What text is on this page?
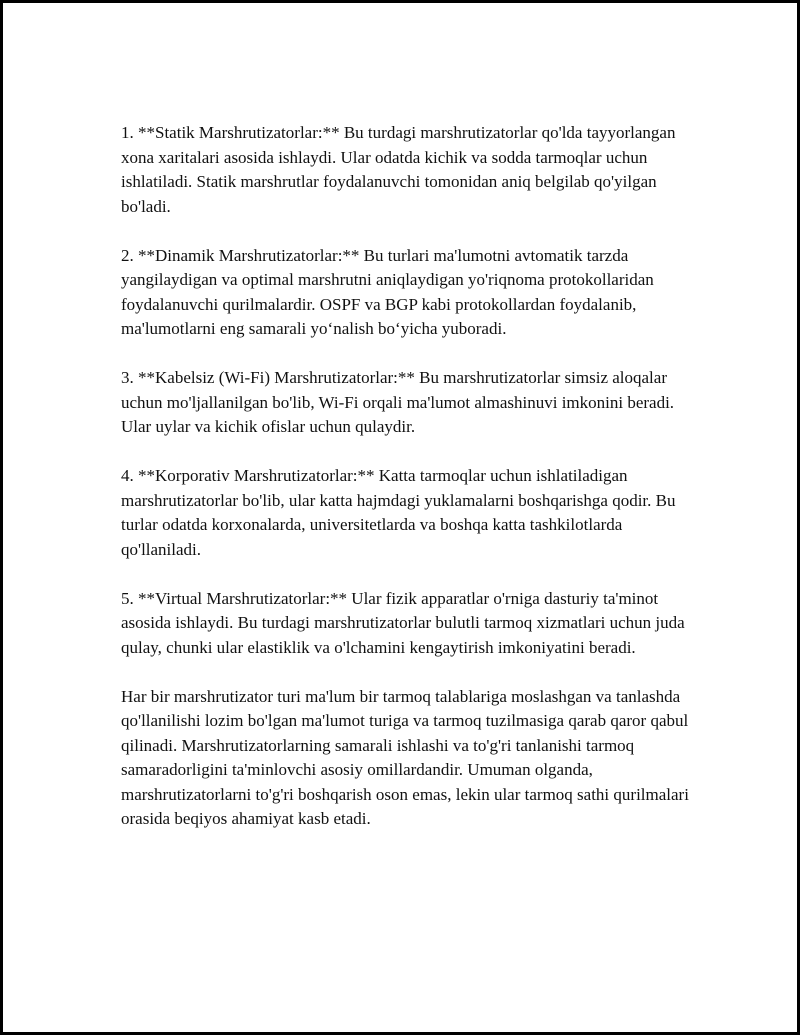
1. **Statik Marshrutizatorlar:** Bu turdagi marshrutizatorlar qo'lda tayyorlangan xona xaritalari asosida ishlaydi. Ular odatda kichik va sodda tarmoqlar uchun ishlatiladi. Statik marshrutlar foydalanuvchi tomonidan aniq belgilab qo'yilgan bo'ladi.

2. **Dinamik Marshrutizatorlar:** Bu turlari ma'lumotni avtomatik tarzda yangilaydigan va optimal marshrutni aniqlaydigan yo'riqnoma protokollaridan foydalanuvchi qurilmalardir. OSPF va BGP kabi protokollardan foydalanib, ma'lumotlarni eng samarali yo‘nalish bo‘yicha yuboradi.

3. **Kabelsiz (Wi-Fi) Marshrutizatorlar:** Bu marshrutizatorlar simsiz aloqalar uchun mo'ljallanilgan bo'lib, Wi-Fi orqali ma'lumot almashinuvi imkonini beradi. Ular uylar va kichik ofislar uchun qulaydir.

4. **Korporativ Marshrutizatorlar:** Katta tarmoqlar uchun ishlatiladigan marshrutizatorlar bo'lib, ular katta hajmdagi yuklamalarni boshqarishga qodir. Bu turlar odatda korxonalarda, universitetlarda va boshqa katta tashkilotlarda qo'llaniladi.

5. **Virtual Marshrutizatorlar:** Ular fizik apparatlar o'rniga dasturiy ta'minot asosida ishlaydi. Bu turdagi marshrutizatorlar bulutli tarmoq xizmatlari uchun juda qulay, chunki ular elastiklik va o'lchamini kengaytirish imkoniyatini beradi.

Har bir marshrutizator turi ma'lum bir tarmoq talablariga moslashgan va tanlashda qo'llanilishi lozim bo'lgan ma'lumot turiga va tarmoq tuzilmasiga qarab qaror qabul qilinadi. Marshrutizatorlarning samarali ishlashi va to'g'ri tanlanishi tarmoq samaradorligini ta'minlovchi asosiy omillardandir. Umuman olganda, marshrutizatorlarni to'g'ri boshqarish oson emas, lekin ular tarmoq sathi qurilmalari orasida beqiyos ahamiyat kasb etadi.
